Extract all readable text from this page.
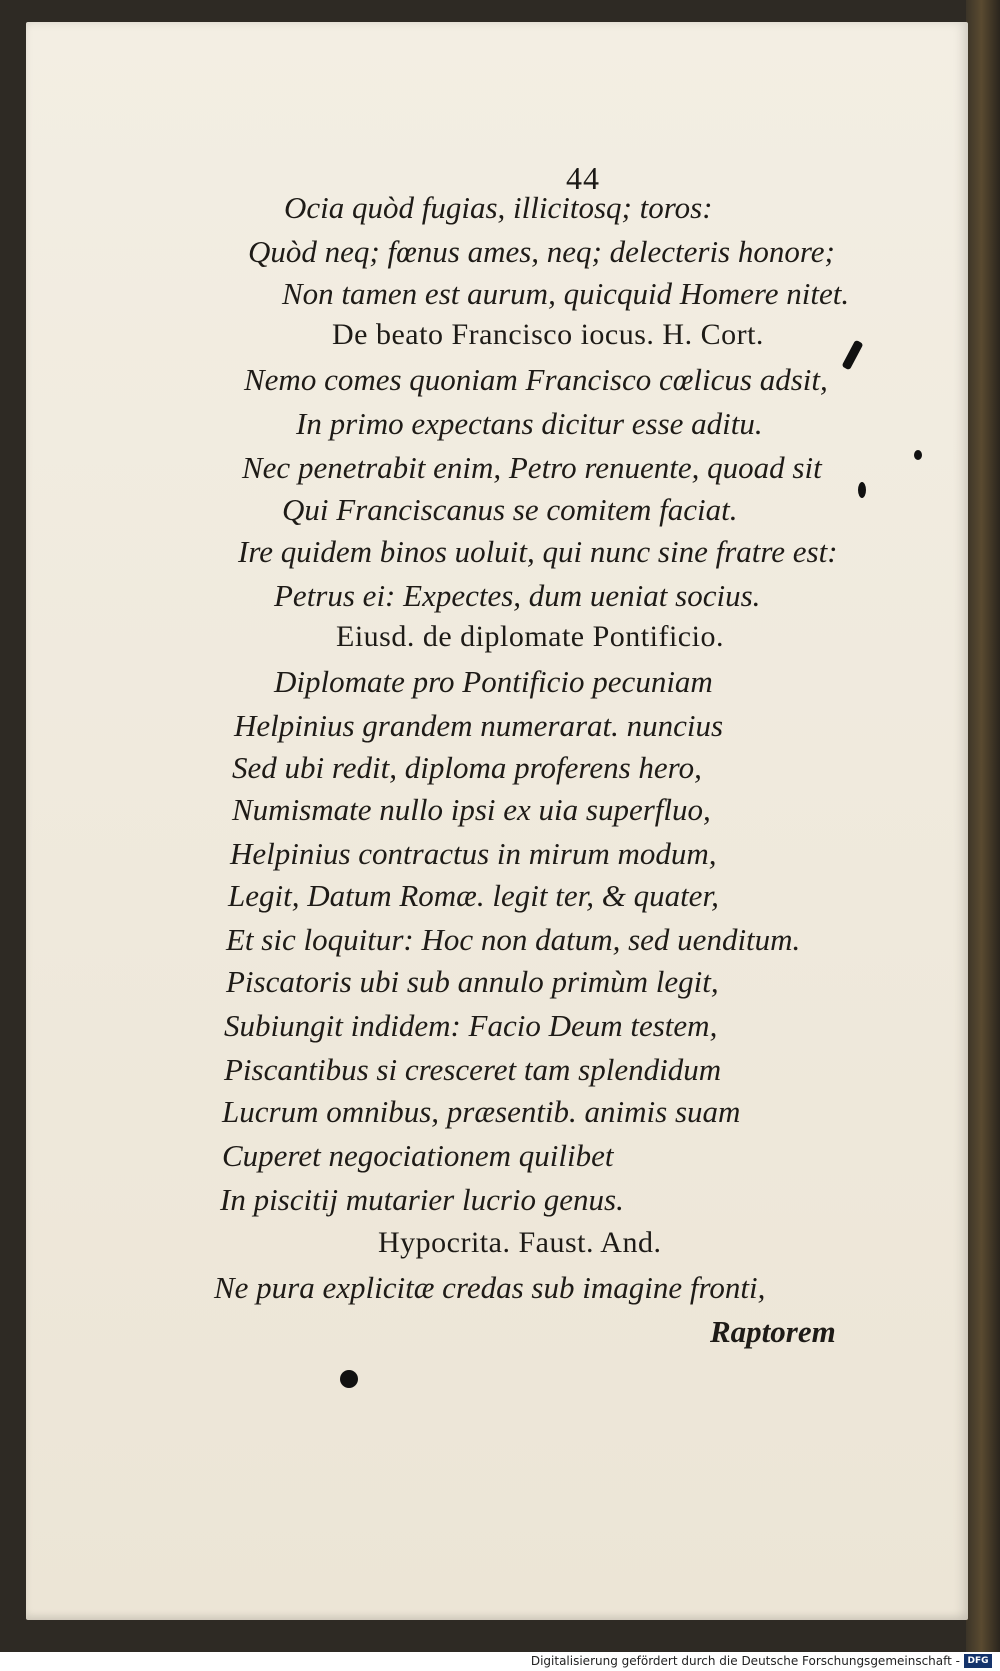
44
Ocia quòd fugias, illicitosq; toros:
Quòd neq; fœnus ames, neq; delecteris honore;
Non tamen est aurum, quicquid Homere nitet.
De beato Francisco iocus. H. Cort.
Nemo comes quoniam Francisco cœlicus adsit,
In primo expectans dicitur esse aditu.
Nec penetrabit enim, Petro renuente, quoad sit
Qui Franciscanus se comitem faciat.
Ire quidem binos uoluit, qui nunc sine fratre est:
Petrus ei: Expectes, dum ueniat socius.
Eiusd. de diplomate Pontificio.
Diplomate pro Pontificio pecuniam
Helpinius grandem numerarat. nuncius
Sed ubi redit, diploma proferens hero,
Numismate nullo ipsi ex uia superfluo,
Helpinius contractus in mirum modum,
Legit, Datum Romæ. legit ter, & quater,
Et sic loquitur: Hoc non datum, sed uenditum.
Piscatoris ubi sub annulo primùm legit,
Subiungit indidem: Facio Deum testem,
Piscantibus si cresceret tam splendidum
Lucrum omnibus, præsentib. animis suam
Cuperet negociationem quilibet
In piscitij mutarier lucrio genus.
Hypocrita. Faust. And.
Ne pura explicitæ credas sub imagine fronti,
Raptorem
Digitalisierung gefördert durch die Deutsche Forschungsgemeinschaft - DFG
